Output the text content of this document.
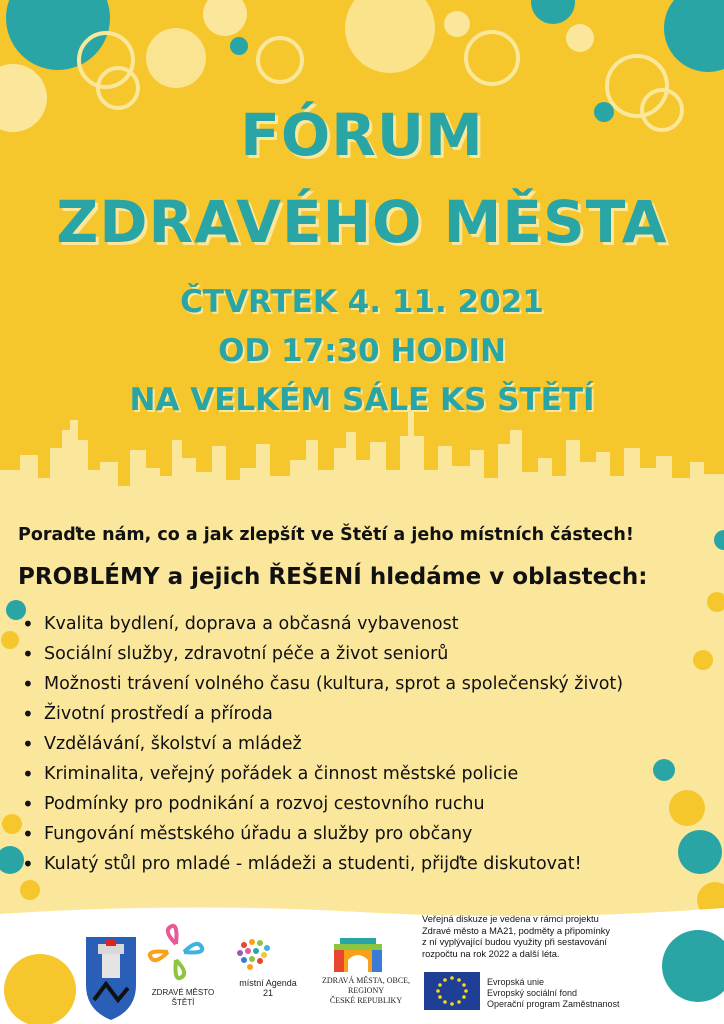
FÓRUM
ZDRAVÉHO MĚSTA
ČTVRTEK 4. 11. 2021
OD 17:30 HODIN
NA VELKÉM SÁLE KS ŠTĚTÍ
Poraďte nám, co a jak zlepšít ve Štětí a jeho místních částech!
PROBLÉMY a jejich ŘEŠENÍ hledáme v oblastech:
• Kvalita bydlení, doprava a občasná vybavenost
• Sociální služby, zdravotní péče a život seniorů
• Možnosti trávení volného času (kultura, sprot a společenský život)
• Životní prostředí a příroda
• Vzdělávání, školství a mládež
• Kriminalita, veřejný pořádek a činnost městské policie
• Podmínky pro podnikání a rozvoj cestovního ruchu
• Fungování městského úřadu a služby pro občany
• Kulatý stůl pro mladé - mládeži a studenti, přijďte diskutovat!
Veřejná diskuze je vedena v rámci projektu
Zdravé město a MA21, podměty a připomínky
z ní vyplývající budou využity při sestavování
rozpočtu na rok 2022 a další léta.
ZDRAVÉ MĚSTO
ŠTĚTÍ
místní Agenda 21
ZDRAVÁ MĚSTA, OBCE, REGIONY
ČESKÉ REPUBLIKY
Evropská unie
Evropský sociální fond
Operační program Zaměstnanost
